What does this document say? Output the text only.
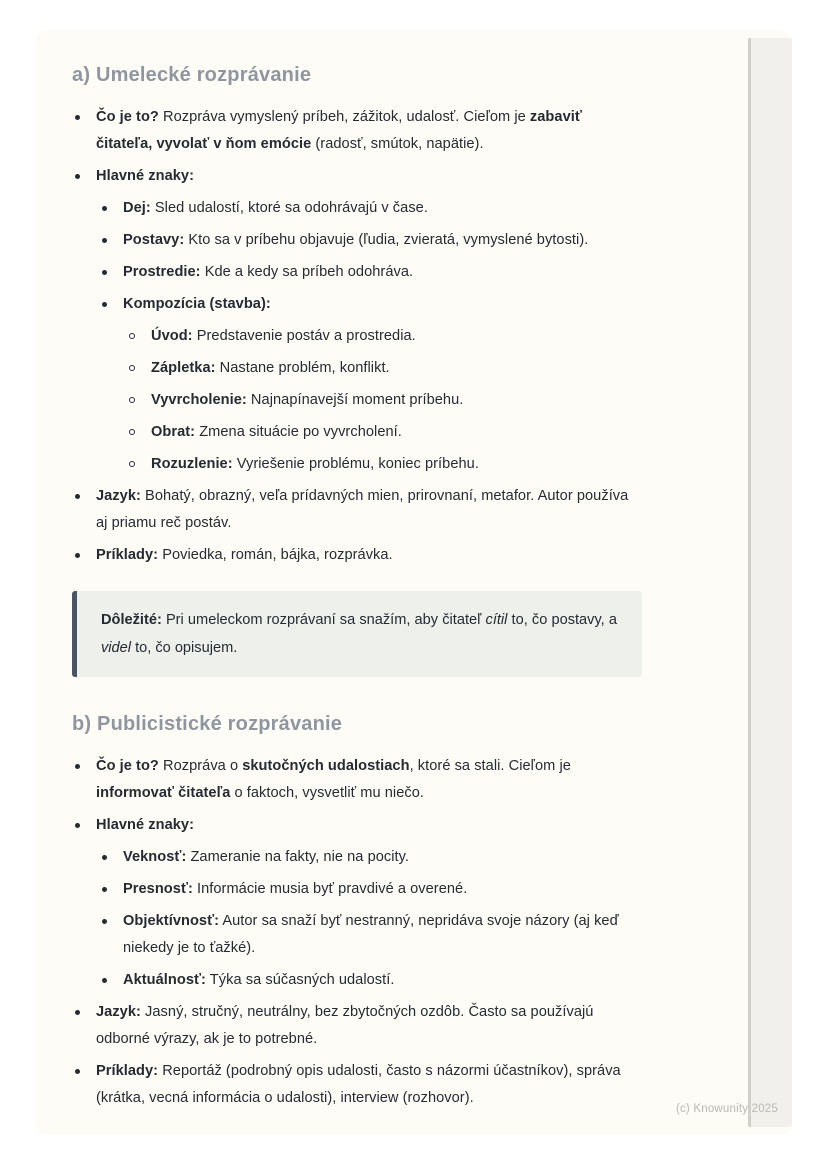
a) Umelecké rozprávanie
Čo je to? Rozpráva vymyslený príbeh, zážitok, udalosť. Cieľom je zabaviť čitateľa, vyvolať v ňom emócie (radosť, smútok, napätie).
Hlavné znaky:
Dej: Sled udalostí, ktoré sa odohrávajú v čase.
Postavy: Kto sa v príbehu objavuje (ľudia, zvieratá, vymyslené bytosti).
Prostredie: Kde a kedy sa príbeh odohráva.
Kompozícia (stavba):
Úvod: Predstavenie postáv a prostredia.
Zápletka: Nastane problém, konflikt.
Vyvrcholenie: Najnapínavejší moment príbehu.
Obrat: Zmena situácie po vyvrcholení.
Rozuzlenie: Vyriešenie problému, koniec príbehu.
Jazyk: Bohatý, obrazný, veľa prídavných mien, prirovnaní, metafor. Autor používa aj priamu reč postáv.
Príklady: Poviedka, román, bájka, rozprávka.
Dôležité: Pri umeleckom rozprávaní sa snažím, aby čitateľ cítil to, čo postavy, a videl to, čo opisujem.
b) Publicistické rozprávanie
Čo je to? Rozpráva o skutočných udalostiach, ktoré sa stali. Cieľom je informovať čitateľa o faktoch, vysvetliť mu niečo.
Hlavné znaky:
Veknosť: Zameranie na fakty, nie na pocity.
Presnosť: Informácie musia byť pravdivé a overené.
Objektívnosť: Autor sa snaží byť nestranný, nepridáva svoje názory (aj keď niekedy je to ťažké).
Aktuálnosť: Týka sa súčasných udalostí.
Jazyk: Jasný, stručný, neutrálny, bez zbytočných ozdôb. Často sa používajú odborné výrazy, ak je to potrebné.
Príklady: Reportáž (podrobný opis udalosti, často s názormi účastníkov), správa (krátka, vecná informácia o udalosti), interview (rozhovor).
(c) Knowunity 2025
